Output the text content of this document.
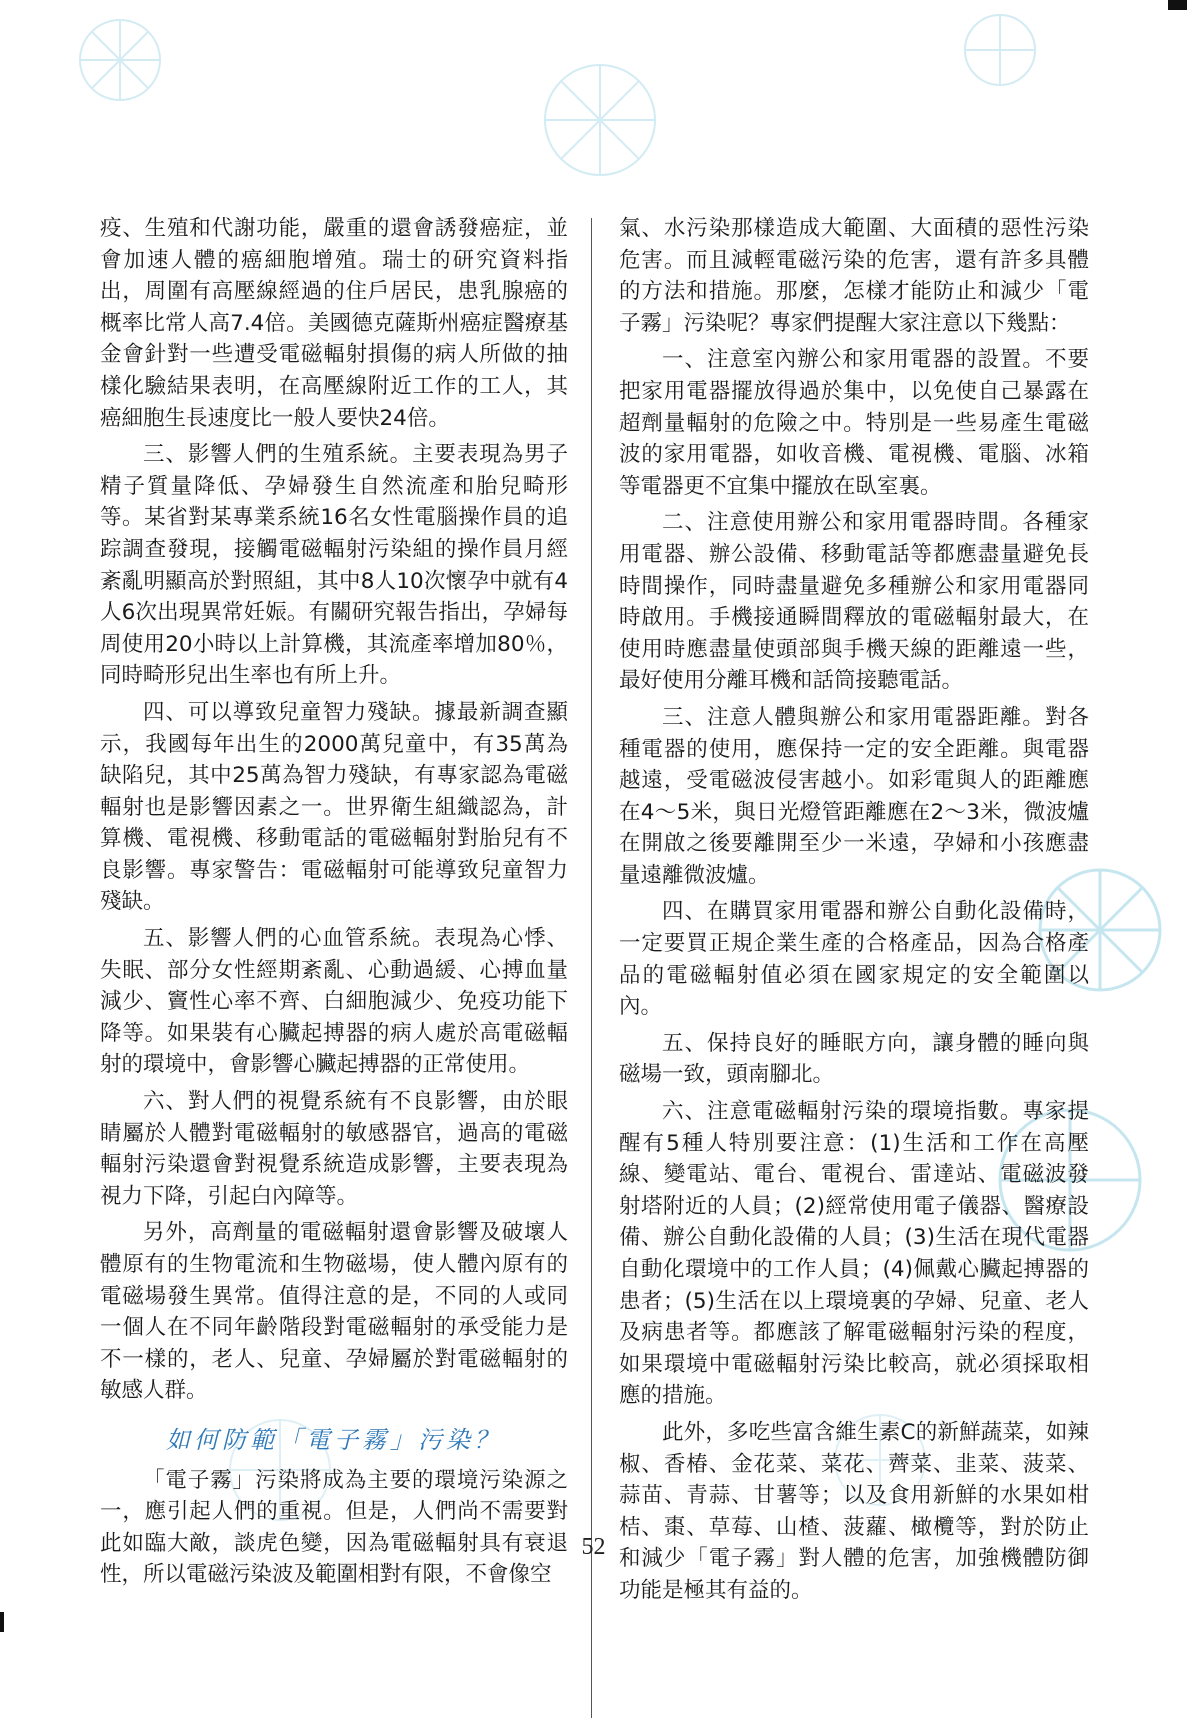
疫、生殖和代謝功能，嚴重的還會誘發癌症，並會加速人體的癌細胞增殖。瑞士的研究資料指出，周圍有高壓線經過的住戶居民，患乳腺癌的概率比常人高7.4倍。美國德克薩斯州癌症醫療基金會針對一些遭受電磁輻射損傷的病人所做的抽樣化驗結果表明，在高壓線附近工作的工人，其癌細胞生長速度比一般人要快24倍。

三、影響人們的生殖系統。主要表現為男子精子質量降低、孕婦發生自然流產和胎兒畸形等。某省對某專業系統16名女性電腦操作員的追踪調查發現，接觸電磁輻射污染組的操作員月經紊亂明顯高於對照組，其中8人10次懷孕中就有4人6次出現異常妊娠。有關研究報告指出，孕婦每周使用20小時以上計算機，其流產率增加80％，同時畸形兒出生率也有所上升。

四、可以導致兒童智力殘缺。據最新調查顯示，我國每年出生的2000萬兒童中，有35萬為缺陷兒，其中25萬為智力殘缺，有專家認為電磁輻射也是影響因素之一。世界衛生組織認為，計算機、電視機、移動電話的電磁輻射對胎兒有不良影響。專家警告：電磁輻射可能導致兒童智力殘缺。

五、影響人們的心血管系統。表現為心悸、失眠、部分女性經期紊亂、心動過緩、心搏血量減少、竇性心率不齊、白細胞減少、免疫功能下降等。如果裝有心臟起搏器的病人處於高電磁輻射的環境中，會影響心臟起搏器的正常使用。

六、對人們的視覺系統有不良影響，由於眼睛屬於人體對電磁輻射的敏感器官，過高的電磁輻射污染還會對視覺系統造成影響，主要表現為視力下降，引起白內障等。

另外，高劑量的電磁輻射還會影響及破壞人體原有的生物電流和生物磁場，使人體內原有的電磁場發生異常。值得注意的是，不同的人或同一個人在不同年齡階段對電磁輻射的承受能力是不一樣的，老人、兒童、孕婦屬於對電磁輻射的敏感人群。

如何防範「電子霧」污染？

「電子霧」污染將成為主要的環境污染源之一，應引起人們的重視。但是，人們尚不需要對此如臨大敵，談虎色變，因為電磁輻射具有衰退性，所以電磁污染波及範圍相對有限，不會像空

氣、水污染那樣造成大範圍、大面積的惡性污染危害。而且減輕電磁污染的危害，還有許多具體的方法和措施。那麼，怎樣才能防止和減少「電子霧」污染呢？專家們提醒大家注意以下幾點：

一、注意室內辦公和家用電器的設置。不要把家用電器擺放得過於集中，以免使自己暴露在超劑量輻射的危險之中。特別是一些易產生電磁波的家用電器，如收音機、電視機、電腦、冰箱等電器更不宜集中擺放在臥室裏。

二、注意使用辦公和家用電器時間。各種家用電器、辦公設備、移動電話等都應盡量避免長時間操作，同時盡量避免多種辦公和家用電器同時啟用。手機接通瞬間釋放的電磁輻射最大，在使用時應盡量使頭部與手機天線的距離遠一些，最好使用分離耳機和話筒接聽電話。

三、注意人體與辦公和家用電器距離。對各種電器的使用，應保持一定的安全距離。與電器越遠，受電磁波侵害越小。如彩電與人的距離應在4～5米，與日光燈管距離應在2～3米，微波爐在開啟之後要離開至少一米遠，孕婦和小孩應盡量遠離微波爐。

四、在購買家用電器和辦公自動化設備時，一定要買正規企業生產的合格產品，因為合格產品的電磁輻射值必須在國家規定的安全範圍以內。

五、保持良好的睡眠方向，讓身體的睡向與磁場一致，頭南腳北。

六、注意電磁輻射污染的環境指數。專家提醒有5種人特別要注意：(1)生活和工作在高壓線、變電站、電台、電視台、雷達站、電磁波發射塔附近的人員；(2)經常使用電子儀器、醫療設備、辦公自動化設備的人員；(3)生活在現代電器自動化環境中的工作人員；(4)佩戴心臟起搏器的患者；(5)生活在以上環境裏的孕婦、兒童、老人及病患者等。都應該了解電磁輻射污染的程度，如果環境中電磁輻射污染比較高，就必須採取相應的措施。

此外，多吃些富含維生素C的新鮮蔬菜，如辣椒、香椿、金花菜、菜花、薺菜、韭菜、菠菜、蒜苗、青蒜、甘薯等；以及食用新鮮的水果如柑桔、棗、草莓、山楂、菠蘿、橄欖等，對於防止和減少「電子霧」對人體的危害，加強機體防御功能是極其有益的。

52
